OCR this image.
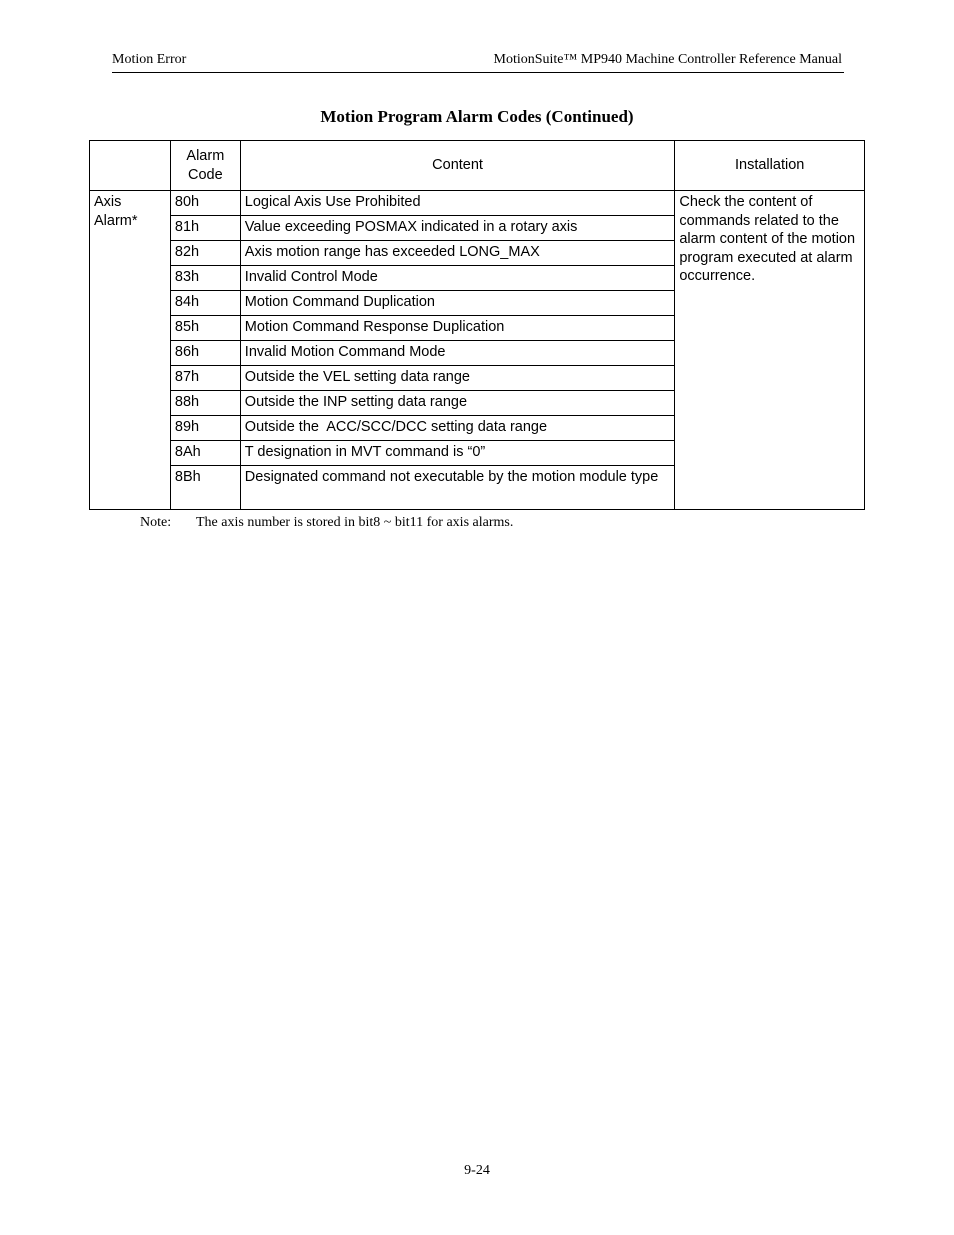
Motion Error	MotionSuite™ MP940 Machine Controller Reference Manual
Motion Program Alarm Codes (Continued)
	Alarm Code	Content	Installation
Axis Alarm*	80h	Logical Axis Use Prohibited	Check the content of commands related to the alarm content of the motion program executed at alarm occurrence.
	81h	Value exceeding POSMAX indicated in a rotary axis	
	82h	Axis motion range has exceeded LONG_MAX	
	83h	Invalid Control Mode	
	84h	Motion Command Duplication	
	85h	Motion Command Response Duplication	
	86h	Invalid Motion Command Mode	
	87h	Outside the VEL setting data range	
	88h	Outside the INP setting data range	
	89h	Outside the  ACC/SCC/DCC setting data range	
	8Ah	T designation in MVT command is “0”	
	8Bh	Designated command not executable by the motion module type	
Note: The axis number is stored in bit8 ~ bit11 for axis alarms.
9-24
